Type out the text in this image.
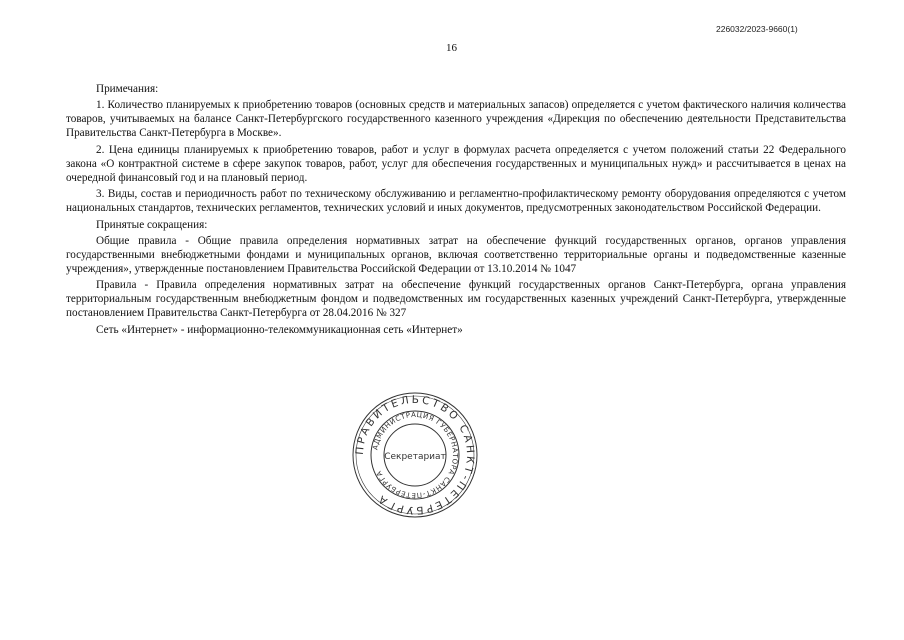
226032/2023-9660(1)
16

Примечания:

1. Количество планируемых к приобретению товаров (основных средств и материальных запасов) определяется с учетом фактического наличия количества товаров, учитываемых на балансе Санкт-Петербургского государственного казенного учреждения «Дирекция по обеспечению деятельности Представительства Правительства Санкт-Петербурга в Москве».

2. Цена единицы планируемых к приобретению товаров, работ и услуг в формулах расчета определяется с учетом положений статьи 22 Федерального закона «О контрактной системе в сфере закупок товаров, работ, услуг для обеспечения государственных и муниципальных нужд» и рассчитывается в ценах на очередной финансовый год и на плановый период.

3. Виды, состав и периодичность работ по техническому обслуживанию и регламентно-профилактическому ремонту оборудования определяются с учетом национальных стандартов, технических регламентов, технических условий и иных документов, предусмотренных законодательством Российской Федерации.

Принятые сокращения:

Общие правила - Общие правила определения нормативных затрат на обеспечение функций государственных органов, органов управления государственными внебюджетными фондами и муниципальных органов, включая соответственно территориальные органы и подведомственные казенные учреждения», утвержденные постановлением Правительства Российской Федерации от 13.10.2014 № 1047

Правила - Правила определения нормативных затрат на обеспечение функций государственных органов Санкт-Петербурга, органа управления территориальным государственным внебюджетным фондом и подведомственных им государственных казенных учреждений Санкт-Петербурга, утвержденные постановлением Правительства Санкт-Петербурга от 28.04.2016 № 327

Сеть «Интернет» - информационно-телекоммуникационная сеть «Интернет»

ПРАВИТЕЛЬСТВО САНКТ-ПЕТЕРБУРГА
АДМИНИСТРАЦИЯ ГУБЕРНАТОРА САНКТ-ПЕТЕРБУРГА
Секретариат
